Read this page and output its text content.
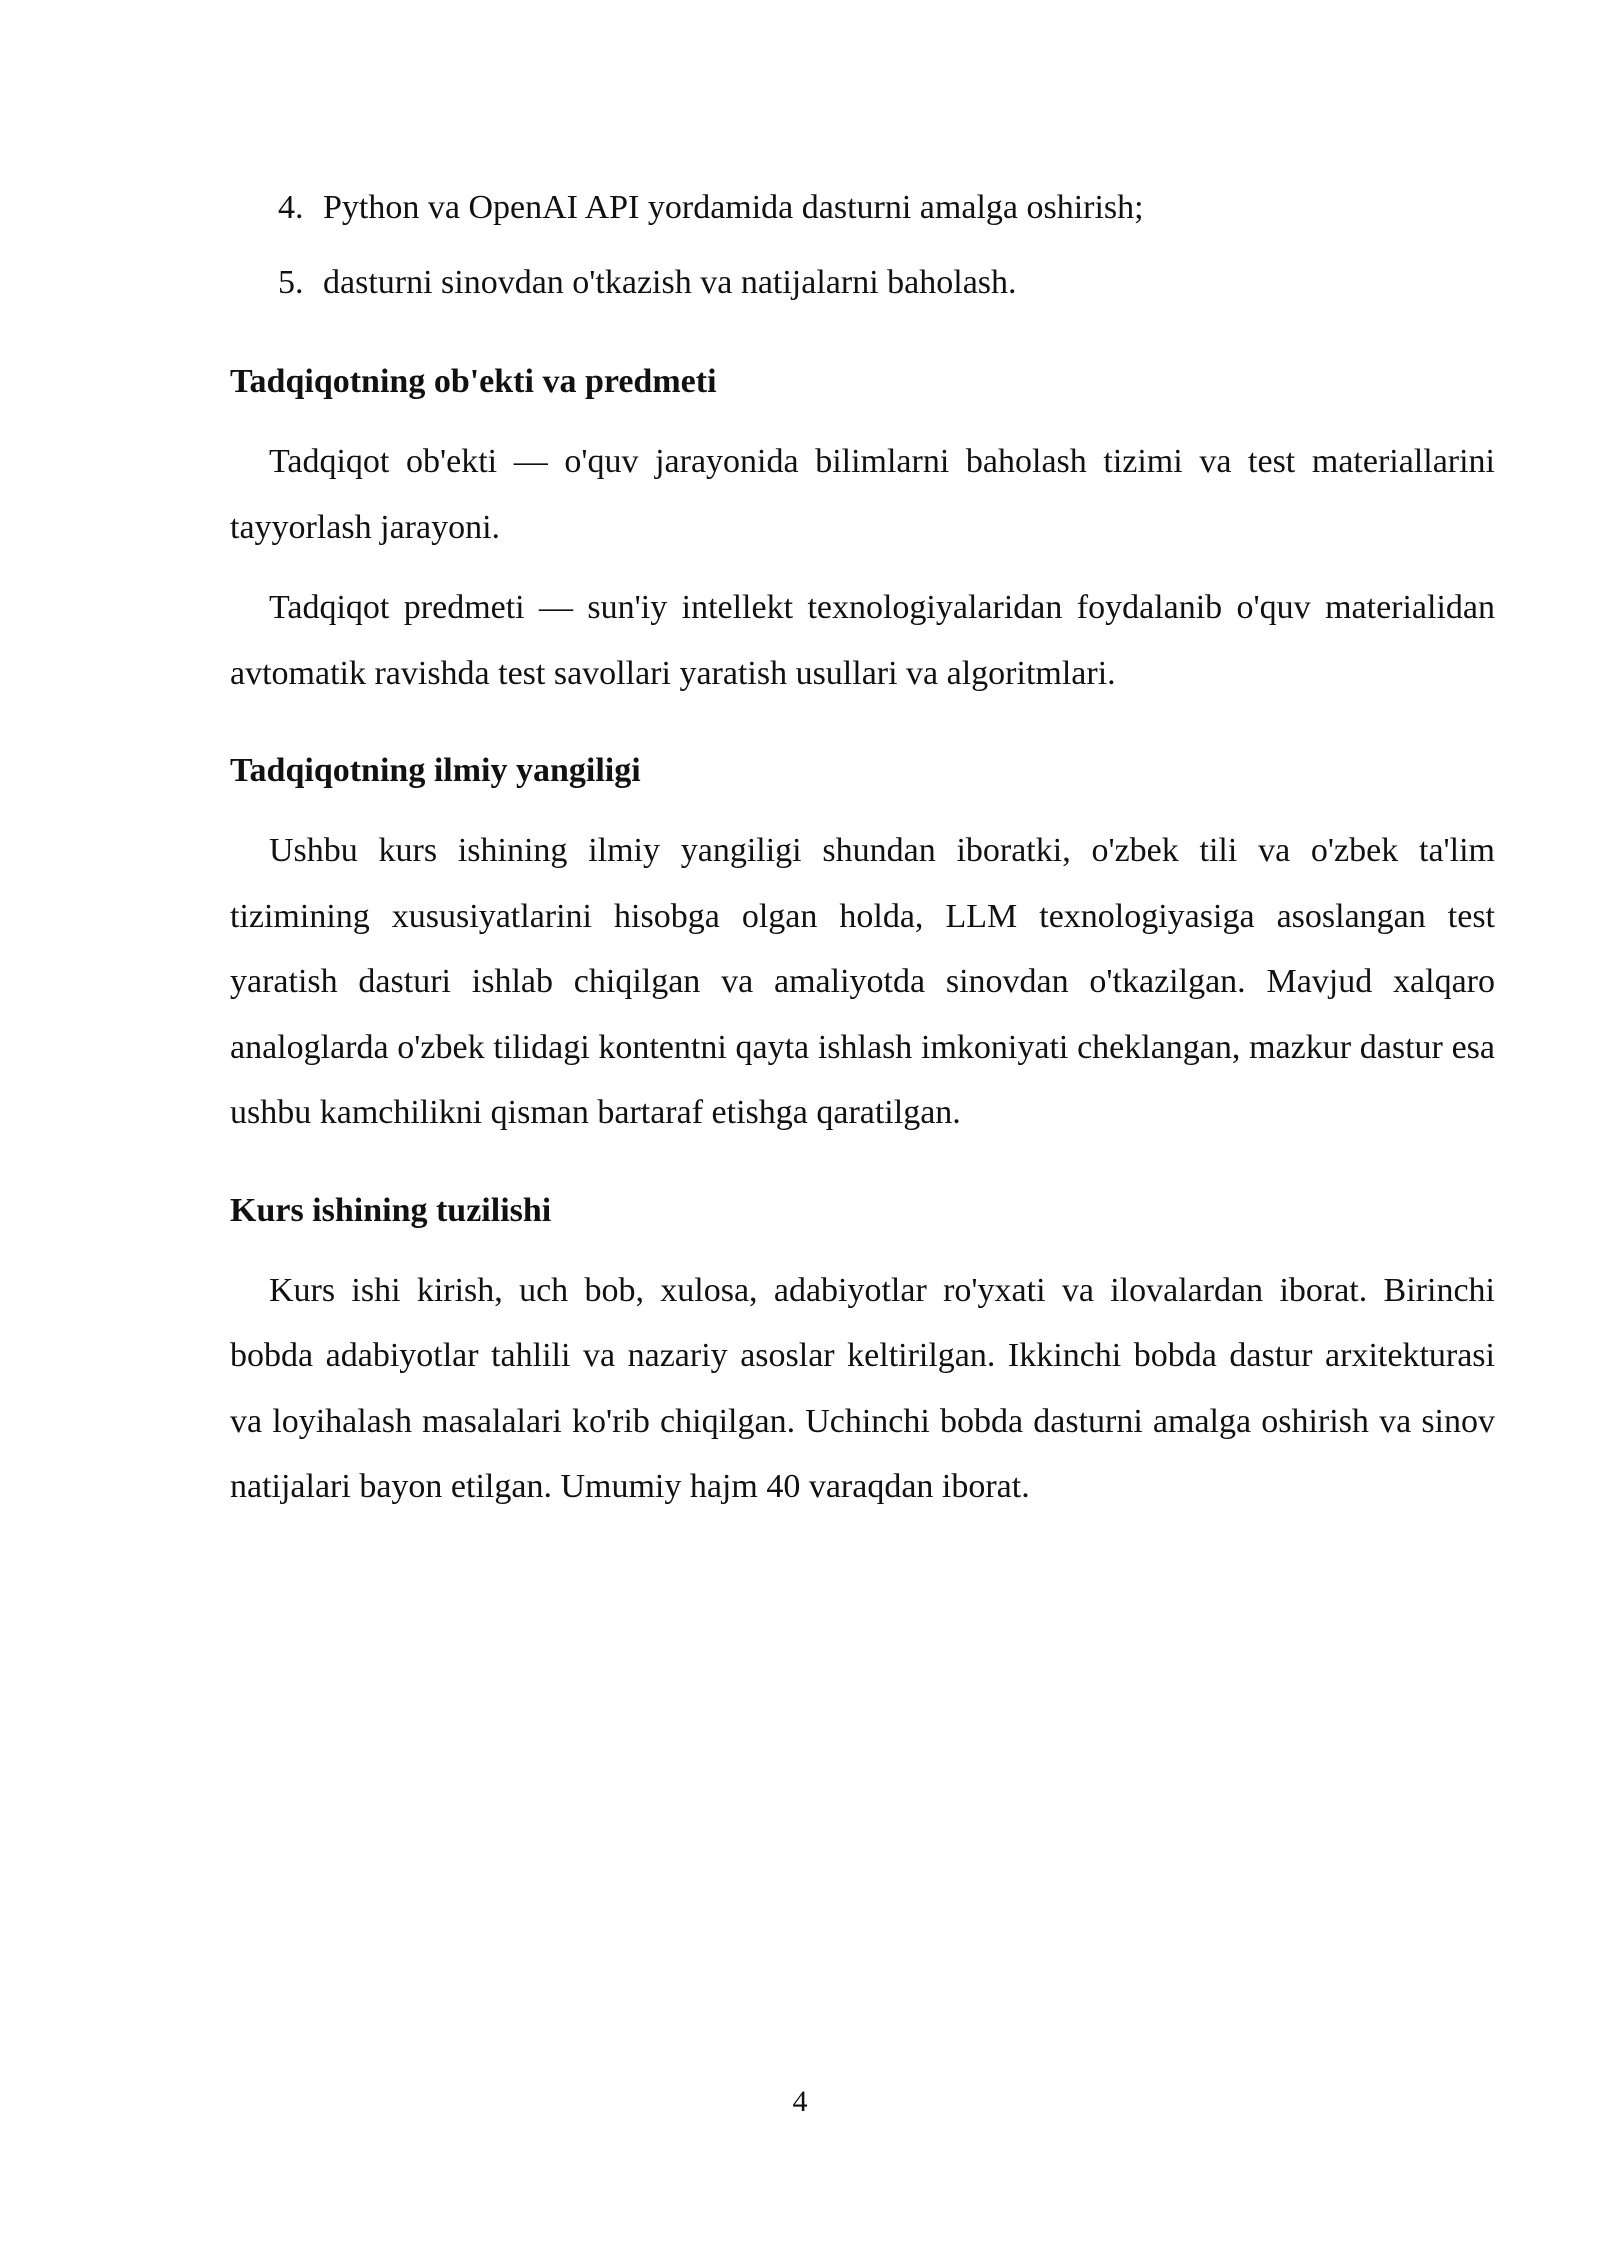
4. Python va OpenAI API yordamida dasturni amalga oshirish;
5. dasturni sinovdan o'tkazish va natijalarni baholash.
Tadqiqotning ob'ekti va predmeti

Tadqiqot ob'ekti — o'quv jarayonida bilimlarni baholash tizimi va test materiallarini tayyorlash jarayoni.

Tadqiqot predmeti — sun'iy intellekt texnologiyalaridan foydalanib o'quv materialidan avtomatik ravishda test savollari yaratish usullari va algoritmlari.

Tadqiqotning ilmiy yangiligi

Ushbu kurs ishining ilmiy yangiligi shundan iboratki, o'zbek tili va o'zbek ta'lim tizimining xususiyatlarini hisobga olgan holda, LLM texnologiyasiga asoslangan test yaratish dasturi ishlab chiqilgan va amaliyotda sinovdan o'tkazilgan. Mavjud xalqaro analoglarda o'zbek tilidagi kontentni qayta ishlash imkoniyati cheklangan, mazkur dastur esa ushbu kamchilikni qisman bartaraf etishga qaratilgan.

Kurs ishining tuzilishi

Kurs ishi kirish, uch bob, xulosa, adabiyotlar ro'yxati va ilovalardan iborat. Birinchi bobda adabiyotlar tahlili va nazariy asoslar keltirilgan. Ikkinchi bobda dastur arxitekturasi va loyihalash masalalari ko'rib chiqilgan. Uchinchi bobda dasturni amalga oshirish va sinov natijalari bayon etilgan. Umumiy hajm 40 varaqdan iborat.

4
